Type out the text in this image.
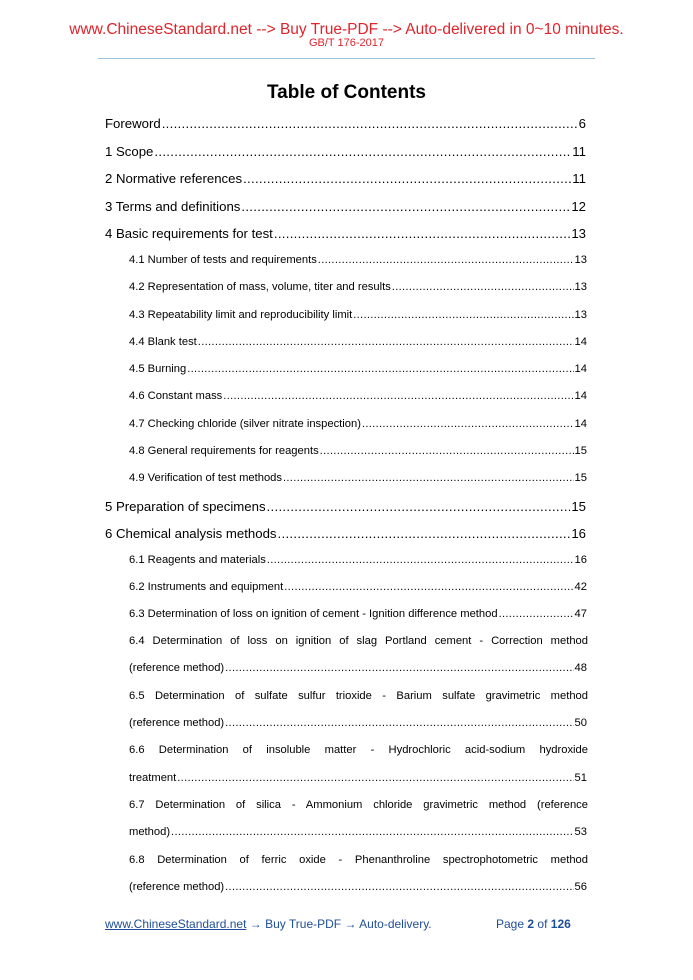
www.ChineseStandard.net --> Buy True-PDF --> Auto-delivered in 0~10 minutes.
GB/T 176-2017
Table of Contents
Foreword .....	6
1 Scope .....	11
2 Normative references .....	11
3 Terms and definitions .....	12
4 Basic requirements for test .....	13
4.1 Number of tests and requirements .....	13
4.2 Representation of mass, volume, titer and results .....	13
4.3 Repeatability limit and reproducibility limit .....	13
4.4 Blank test .....	14
4.5 Burning .....	14
4.6 Constant mass .....	14
4.7 Checking chloride (silver nitrate inspection) .....	14
4.8 General requirements for reagents .....	15
4.9 Verification of test methods .....	15
5 Preparation of specimens .....	15
6 Chemical analysis methods .....	16
6.1 Reagents and materials .....	16
6.2 Instruments and equipment .....	42
6.3 Determination of loss on ignition of cement - Ignition difference method .....	47
6.4 Determination of loss on ignition of slag Portland cement - Correction method
(reference method) .....	48
6.5 Determination of sulfate sulfur trioxide - Barium sulfate gravimetric method
(reference method) .....	50
6.6 Determination of insoluble matter - Hydrochloric acid-sodium hydroxide
treatment .....	51
6.7 Determination of silica - Ammonium chloride gravimetric method (reference
method) .....	53
6.8 Determination of ferric oxide - Phenanthroline spectrophotometric method
(reference method) .....	56
www.ChineseStandard.net → Buy True-PDF → Auto-delivery.	Page 2 of 126
